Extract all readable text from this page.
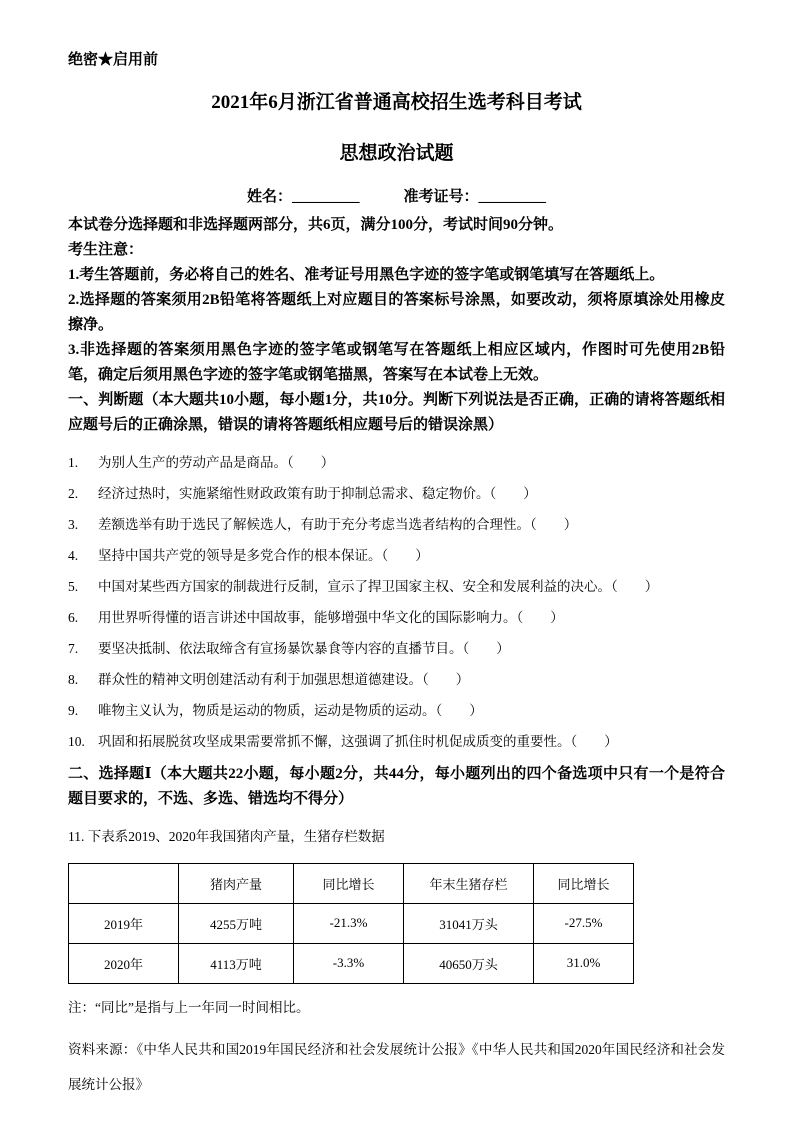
绝密★启用前

2021年6月浙江省普通高校招生选考科目考试
思想政治试题
姓名：_________	准考证号：_________

本试卷分选择题和非选择题两部分，共6页，满分100分，考试时间90分钟。

考生注意：

1.考生答题前，务必将自己的姓名、准考证号用黑色字迹的签字笔或钢笔填写在答题纸上。

2.选择题的答案须用2B铅笔将答题纸上对应题目的答案标号涂黑，如要改动，须将原填涂处用橡皮擦净。

3.非选择题的答案须用黑色字迹的签字笔或钢笔写在答题纸上相应区域内，作图时可先使用2B铅笔，确定后须用黑色字迹的签字笔或钢笔描黑，答案写在本试卷上无效。

一、判断题（本大题共10小题，每小题1分，共10分。判断下列说法是否正确，正确的请将答题纸相应题号后的正确涂黑，错误的请将答题纸相应题号后的错误涂黑）

1. 为别人生产的劳动产品是商品。（        ）
2. 经济过热时，实施紧缩性财政政策有助于抑制总需求、稳定物价。（        ）
3. 差额选举有助于选民了解候选人，有助于充分考虑当选者结构的合理性。（        ）
4. 坚持中国共产党的领导是多党合作的根本保证。（        ）
5. 中国对某些西方国家的制裁进行反制，宣示了捍卫国家主权、安全和发展利益的决心。（        ）
6. 用世界听得懂的语言讲述中国故事，能够增强中华文化的国际影响力。（        ）
7. 要坚决抵制、依法取缔含有宣扬暴饮暴食等内容的直播节目。（        ）
8. 群众性的精神文明创建活动有利于加强思想道德建设。（        ）
9. 唯物主义认为，物质是运动的物质，运动是物质的运动。（        ）
10. 巩固和拓展脱贫攻坚成果需要常抓不懈，这强调了抓住时机促成质变的重要性。（        ）

二、选择题Ⅰ（本大题共22小题，每小题2分，共44分，每小题列出的四个备选项中只有一个是符合题目要求的，不选、多选、错选均不得分）

11. 下表系2019、2020年我国猪肉产量，生猪存栏数据

	猪肉产量	同比增长	年末生猪存栏	同比增长
2019年	4255万吨	-21.3%	31041万头	-27.5%
2020年	4113万吨	-3.3%	40650万头	31.0%

注：“同比”是指与上一年同一时间相比。

资料来源：《中华人民共和国2019年国民经济和社会发展统计公报》《中华人民共和国2020年国民经济和社会发展统计公报》
